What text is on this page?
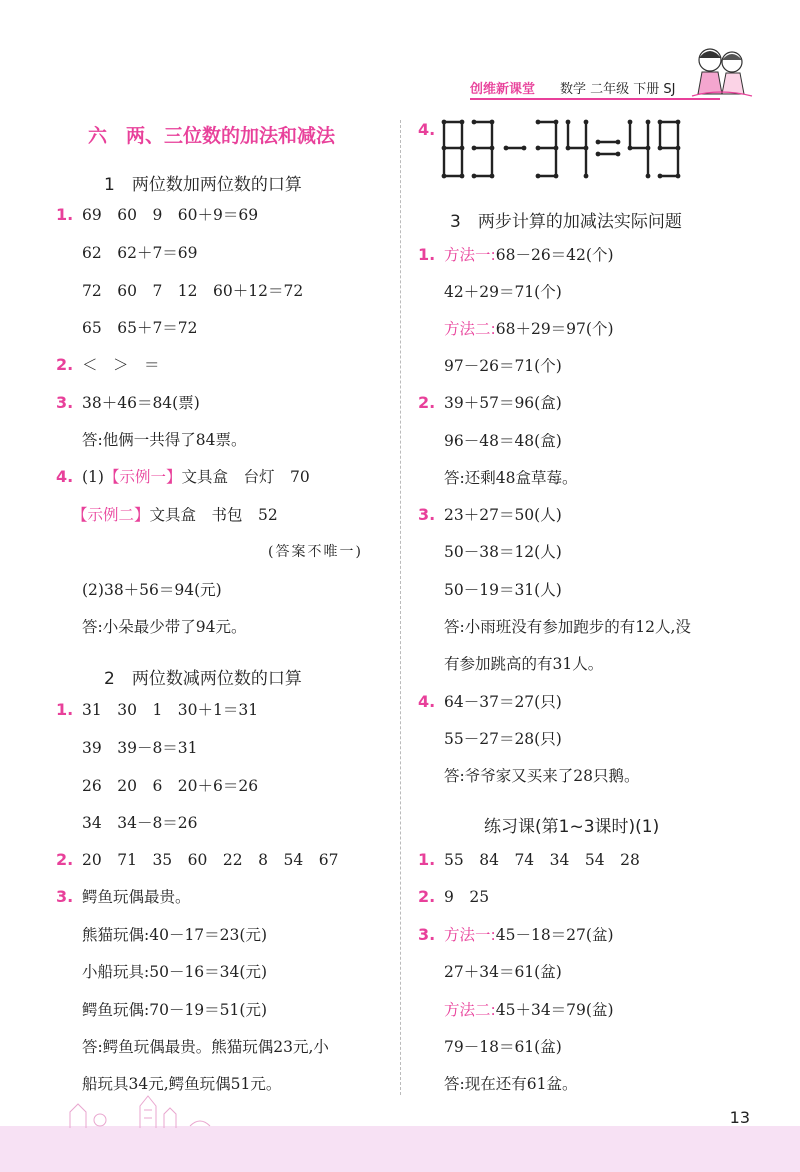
创维新课堂 数学 二年级 下册 SJ
六　两、三位数的加法和减法
1　两位数加两位数的口算
1. 69　60　9　60＋9＝69
62　62＋7＝69
72　60　7　12　60＋12＝72
65　65＋7＝72
2. ＜　＞　＝
3. 38＋46＝84(票)
答:他俩一共得了84票。
4. (1)【示例一】文具盒　台灯　70
【示例二】文具盒　书包　52
(答案不唯一)
(2)38＋56＝94(元)
答:小朵最少带了94元。
2　两位数减两位数的口算
1. 31　30　1　30＋1＝31
39　39－8＝31
26　20　6　20＋6＝26
34　34－8＝26
2. 20　71　35　60　22　8　54　67
3. 鳄鱼玩偶最贵。
熊猫玩偶:40－17＝23(元)
小船玩具:50－16＝34(元)
鳄鱼玩偶:70－19＝51(元)
答:鳄鱼玩偶最贵。熊猫玩偶23元,小
船玩具34元,鳄鱼玩偶51元。
4.
3　两步计算的加减法实际问题
1. 方法一:68－26＝42(个)
42＋29＝71(个)
方法二:68＋29＝97(个)
97－26＝71(个)
2. 39＋57＝96(盒)
96－48＝48(盒)
答:还剩48盒草莓。
3. 23＋27＝50(人)
50－38＝12(人)
50－19＝31(人)
答:小雨班没有参加跑步的有12人,没
有参加跳高的有31人。
4. 64－37＝27(只)
55－27＝28(只)
答:爷爷家又买来了28只鹅。
练习课(第1~3课时)(1)
1. 55　84　74　34　54　28
2. 9　25
3. 方法一:45－18＝27(盆)
27＋34＝61(盆)
方法二:45＋34＝79(盆)
79－18＝61(盆)
答:现在还有61盆。
13
